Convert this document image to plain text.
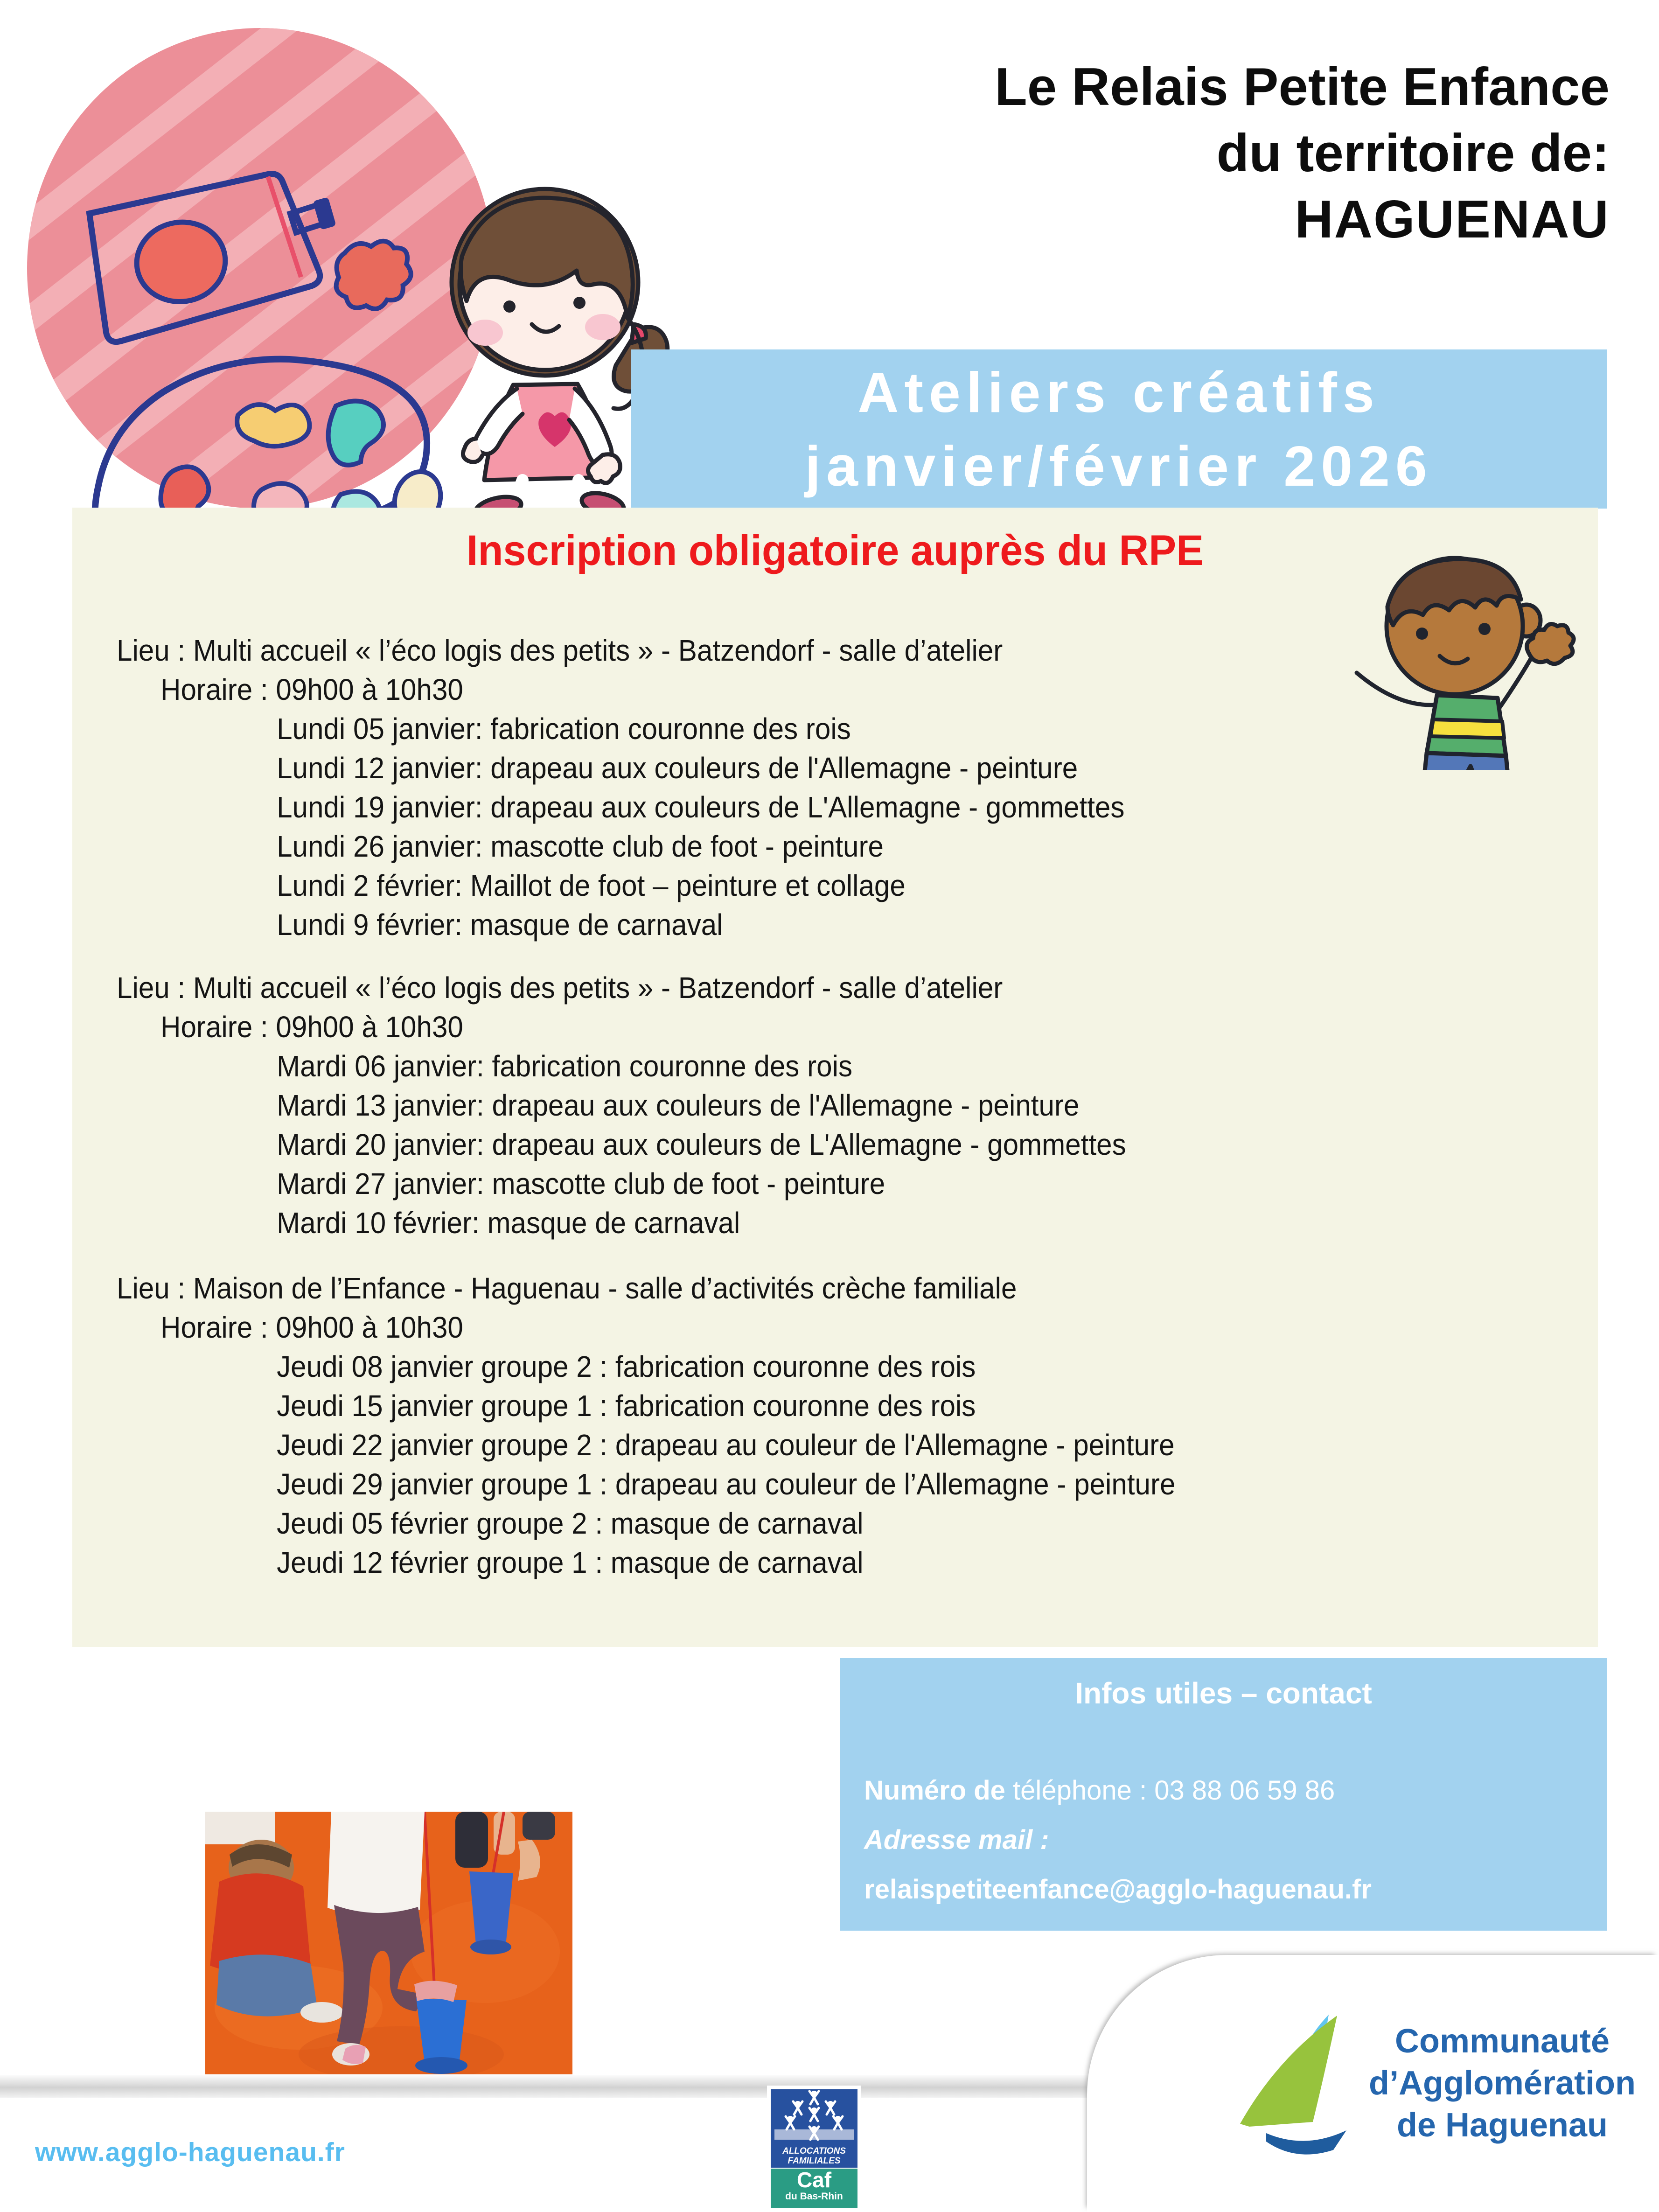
Le Relais Petite Enfance
du territoire de:
HAGUENAU
Ateliers créatifs
janvier/février 2026
Inscription obligatoire auprès du RPE
Lieu : Multi accueil « l’éco logis des petits » - Batzendorf - salle d’atelier
Horaire : 09h00 à 10h30
Lundi 05 janvier: fabrication couronne des rois
Lundi 12 janvier: drapeau aux couleurs de l'Allemagne - peinture
Lundi 19 janvier: drapeau aux couleurs de L'Allemagne - gommettes
Lundi 26 janvier: mascotte club de foot - peinture
Lundi 2 février: Maillot de foot – peinture et collage
Lundi 9 février: masque de carnaval
Lieu : Multi accueil « l’éco logis des petits » - Batzendorf - salle d’atelier
Horaire : 09h00 à 10h30
Mardi 06 janvier: fabrication couronne des rois
Mardi 13 janvier: drapeau aux couleurs de l'Allemagne - peinture
Mardi 20 janvier: drapeau aux couleurs de L'Allemagne - gommettes
Mardi 27 janvier: mascotte club de foot - peinture
Mardi 10 février: masque de carnaval
Lieu : Maison de l’Enfance - Haguenau - salle d’activités crèche familiale
Horaire : 09h00 à 10h30
Jeudi 08 janvier groupe 2 : fabrication couronne des rois
Jeudi 15 janvier groupe 1 : fabrication couronne des rois
Jeudi 22 janvier groupe 2 : drapeau au couleur de l'Allemagne - peinture
Jeudi 29 janvier groupe 1 : drapeau au couleur de l’Allemagne - peinture
Jeudi 05 février groupe 2 : masque de carnaval
Jeudi 12 février groupe 1 : masque de carnaval
Infos utiles – contact
Numéro de téléphone : 03 88 06 59 86
Adresse mail :
relaispetiteenfance@agglo-haguenau.fr
www.agglo-haguenau.fr	ALLOCATIONS
FAMILIALES
Caf
du Bas-Rhin
Communauté
d’Agglomération
de Haguenau
